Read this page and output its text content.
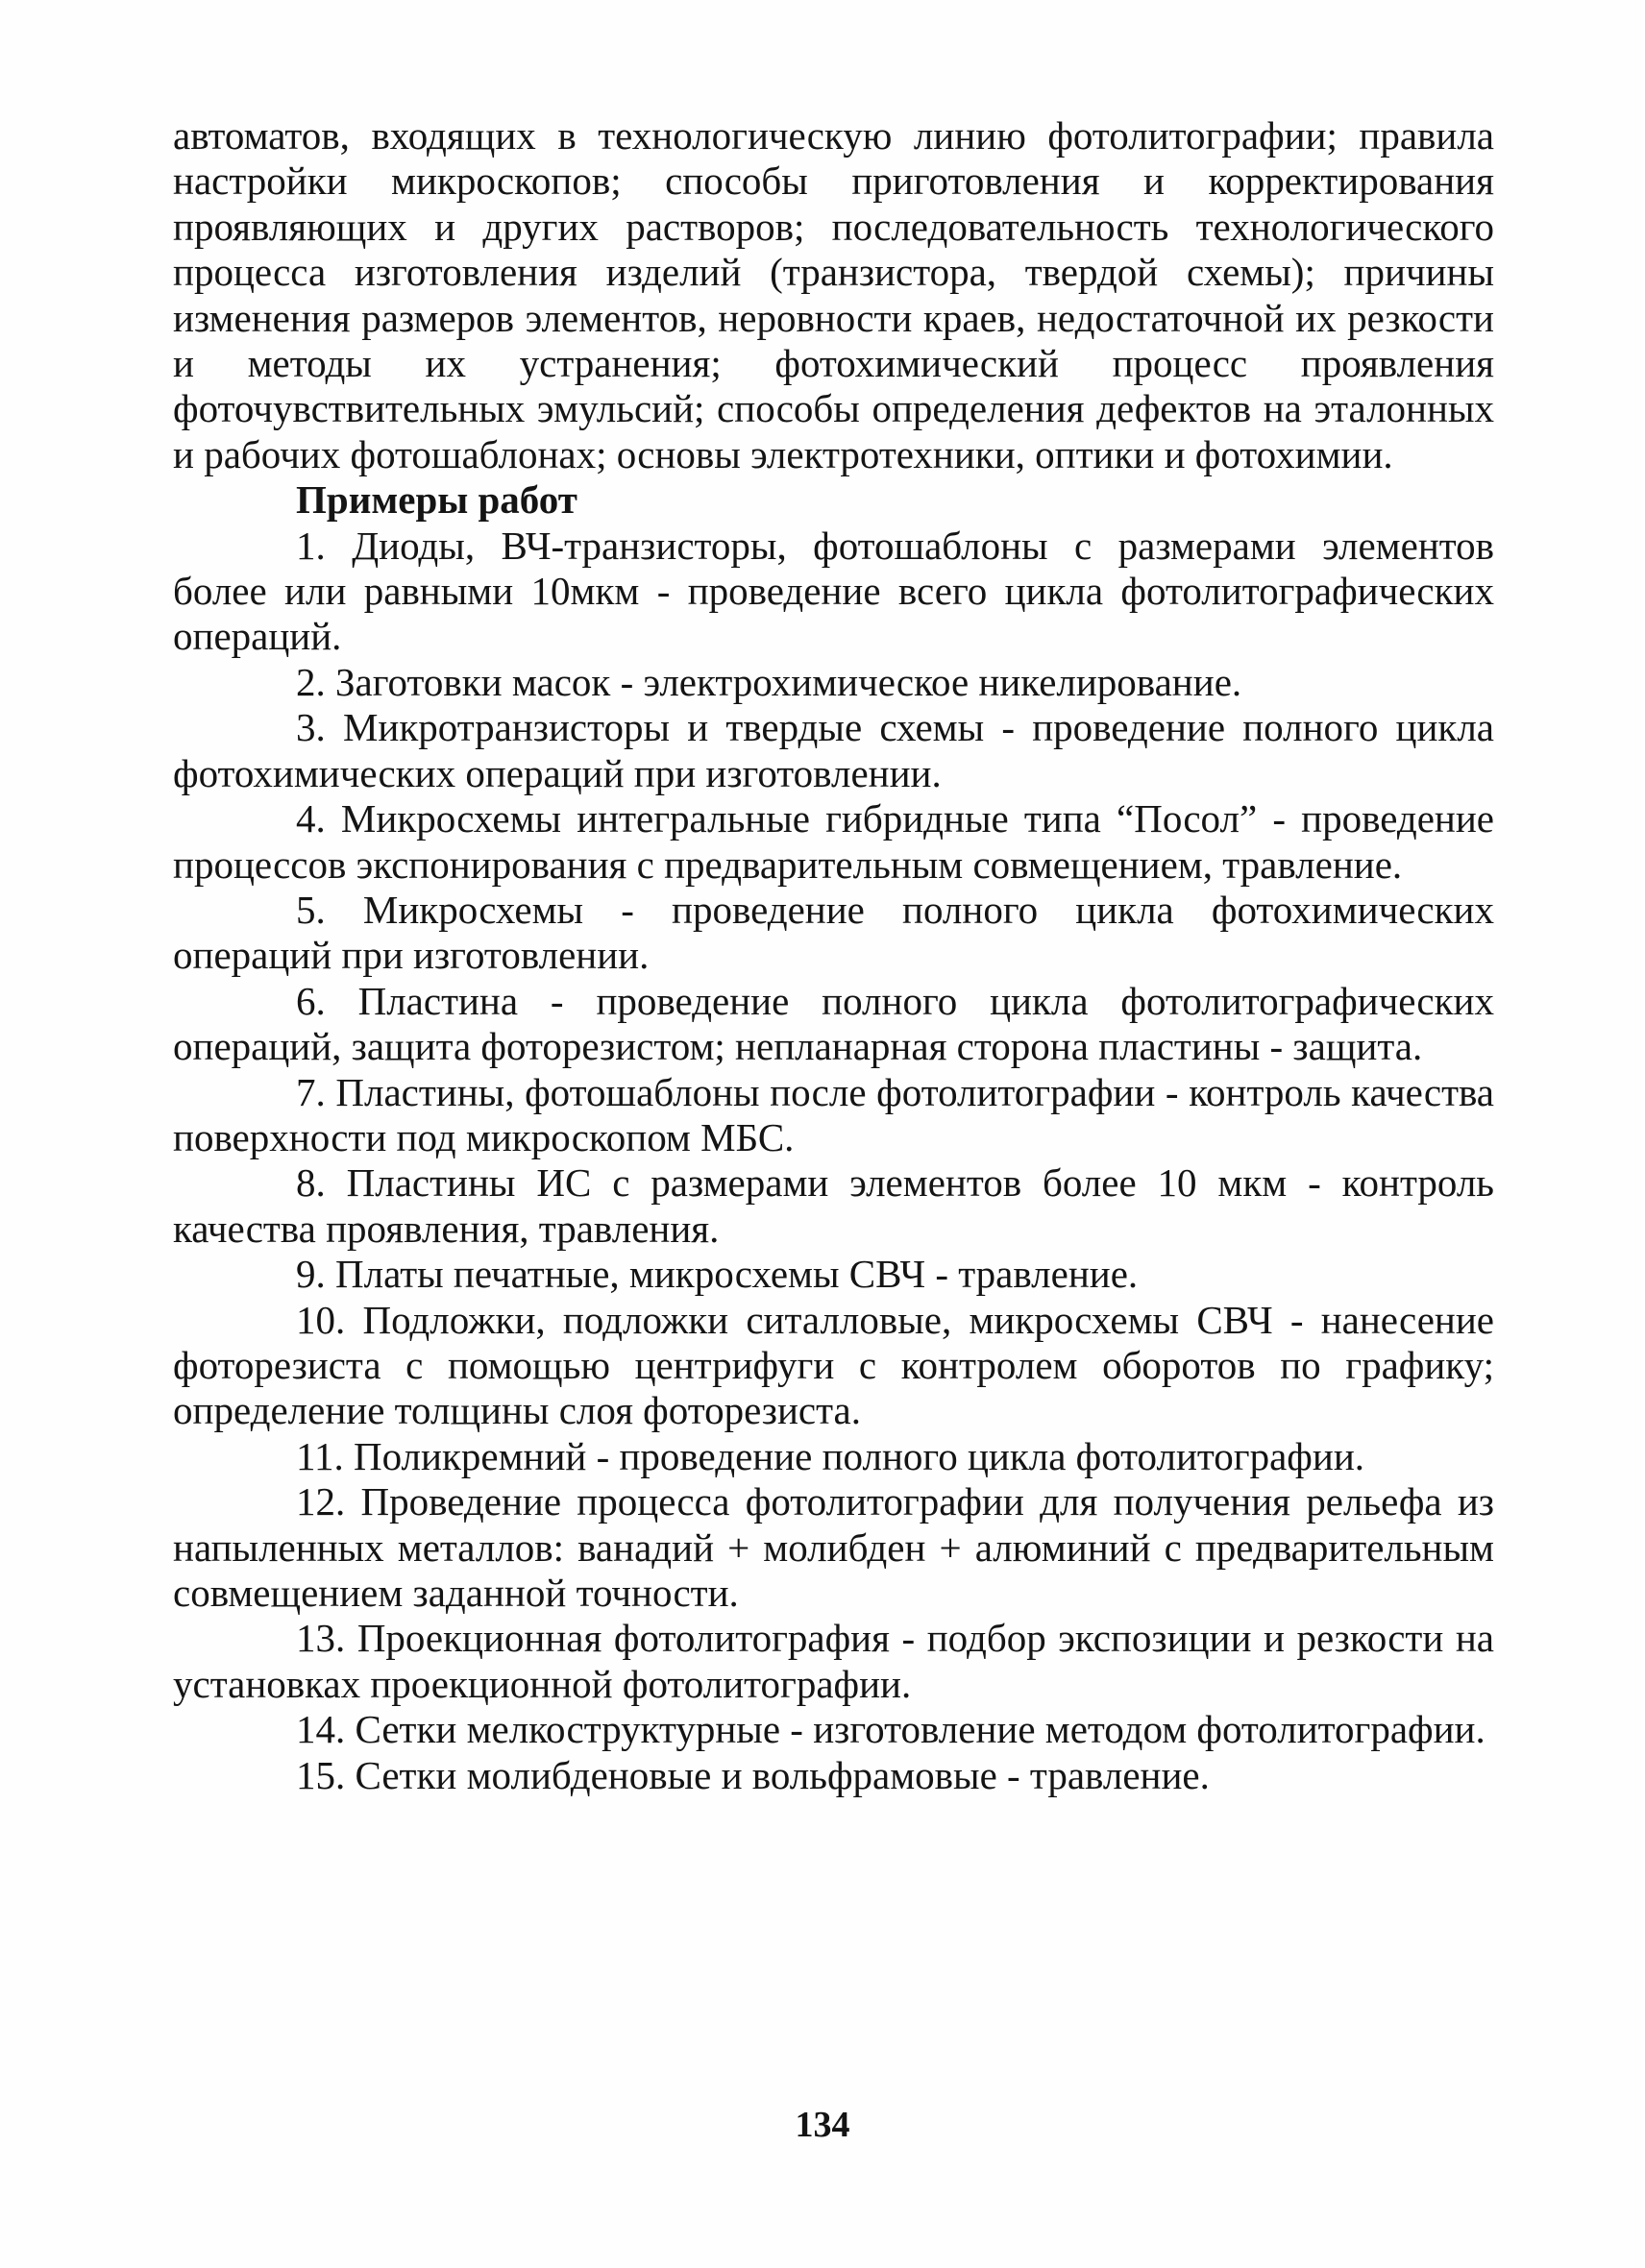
автоматов, входящих в технологическую линию фотолитографии; правила настройки микроскопов; способы приготовления и корректирования проявляющих и других растворов; последовательность технологического процесса изготовления изделий (транзистора, твердой схемы); причины изменения размеров элементов, неровности краев, недостаточной их резкости и методы их устранения; фотохимический процесс проявления фоточувствительных эмульсий; способы определения дефектов на эталонных и рабочих фотошаблонах; основы электротехники, оптики и фотохимии.

Примеры работ

1. Диоды, ВЧ-транзисторы, фотошаблоны с размерами элементов более или равными 10мкм - проведение всего цикла фотолитографических операций.

2. Заготовки масок - электрохимическое никелирование.

3. Микротранзисторы и твердые схемы - проведение полного цикла фотохимических операций при изготовлении.

4. Микросхемы интегральные гибридные типа “Посол” - проведение процессов экспонирования с предварительным совмещением, травление.

5. Микросхемы - проведение полного цикла фотохимических операций при изготовлении.

6. Пластина - проведение полного цикла фотолитографических операций, защита фоторезистом; непланарная сторона пластины - защита.

7. Пластины, фотошаблоны после фотолитографии - контроль качества поверхности под микроскопом МБС.

8. Пластины ИС с размерами элементов более 10 мкм - контроль качества проявления, травления.

9. Платы печатные, микросхемы СВЧ - травление.

10. Подложки, подложки ситалловые, микросхемы СВЧ - нанесение фоторезиста с помощью центрифуги с контролем оборотов по графику; определение толщины слоя фоторезиста.

11. Поликремний - проведение полного цикла фотолитографии.

12. Проведение процесса фотолитографии для получения рельефа из напыленных металлов: ванадий + молибден + алюминий с предварительным совмещением заданной точности.

13. Проекционная фотолитография - подбор экспозиции и резкости на установках проекционной фотолитографии.

14. Сетки мелкоструктурные - изготовление методом фотолитографии.

15. Сетки молибденовые и вольфрамовые - травление.

134
